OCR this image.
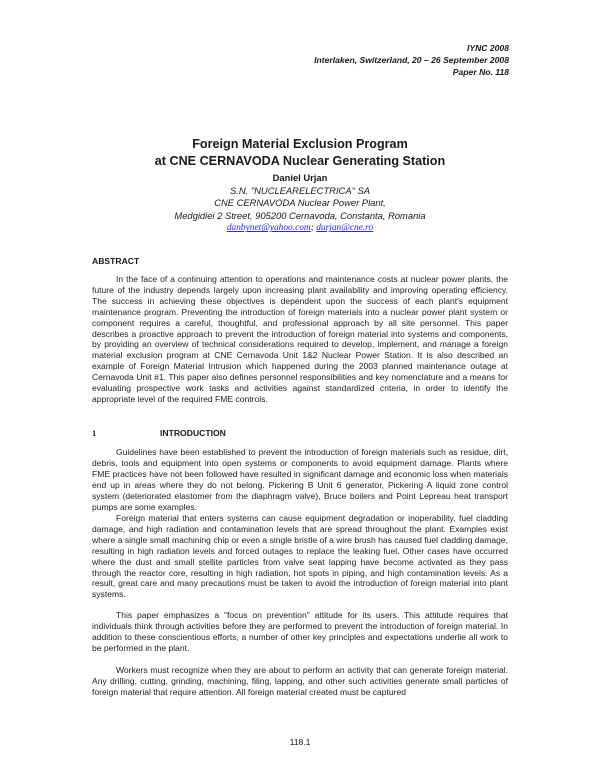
IYNC 2008
Interlaken, Switzerland, 20 – 26 September 2008
Paper No. 118
Foreign Material Exclusion Program
at CNE CERNAVODA Nuclear Generating Station
Daniel Urjan
S.N. "NUCLEARELECTRICA" SA
CNE CERNAVODA Nuclear Power Plant,
Medgidiei 2 Street, 905200 Cernavoda, Constanta, Romania
danbynet@yahoo.com; durjan@cne.ro
ABSTRACT

In the face of a continuing attention to operations and maintenance costs at nuclear power plants, the future of the industry depends largely upon increasing plant availability and improving operating efficiency. The success in achieving these objectives is dependent upon the success of each plant's equipment maintenance program. Preventing the introduction of foreign materials into a nuclear power plant system or component requires a careful, thoughtful, and professional approach by all site personnel. This paper describes a proactive approach to prevent the introduction of foreign material into systems and components, by providing an overview of technical considerations required to develop, implement, and manage a foreign material exclusion program at CNE Cernavoda Unit 1&2 Nuclear Power Station. It is also described an example of Foreign Material Intrusion which happened during the 2003 planned maintenance outage at Cernavoda Unit #1. This paper also defines personnel responsibilities and key nomenclature and a means for evaluating prospective work tasks and activities against standardized criteria, in order to identify the appropriate level of the required FME controls.

1	INTRODUCTION

Guidelines have been established to prevent the introduction of foreign materials such as residue, dirt, debris, tools and equipment into open systems or components to avoid equipment damage. Plants where FME practices have not been followed have resulted in significant damage and economic loss when materials end up in areas where they do not belong. Pickering B Unit 6 generator, Pickering A liquid zone control system (deteriorated elastomer from the diaphragm valve), Bruce boilers and Point Lepreau heat transport pumps are some examples.

Foreign material that enters systems can cause equipment degradation or inoperability, fuel cladding damage, and high radiation and contamination levels that are spread throughout the plant. Examples exist where a single small machining chip or even a single bristle of a wire brush has caused fuel cladding damage, resulting in high radiation levels and forced outages to replace the leaking fuel. Other cases have occurred where the dust and small stellite particles from valve seat lapping have become activated as they pass through the reactor core, resulting in high radiation, hot spots in piping, and high contamination levels. As a result, great care and many precautions must be taken to avoid the introduction of foreign material into plant systems.

This paper emphasizes a "focus on prevention" attitude for its users. This attitude requires that individuals think through activities before they are performed to prevent the introduction of foreign material. In addition to these conscientious efforts, a number of other key principles and expectations underlie all work to be performed in the plant.

Workers must recognize when they are about to perform an activity that can generate foreign material. Any drilling, cutting, grinding, machining, filing, lapping, and other such activities generate small particles of foreign material that require attention. All foreign material created must be captured

118.1
